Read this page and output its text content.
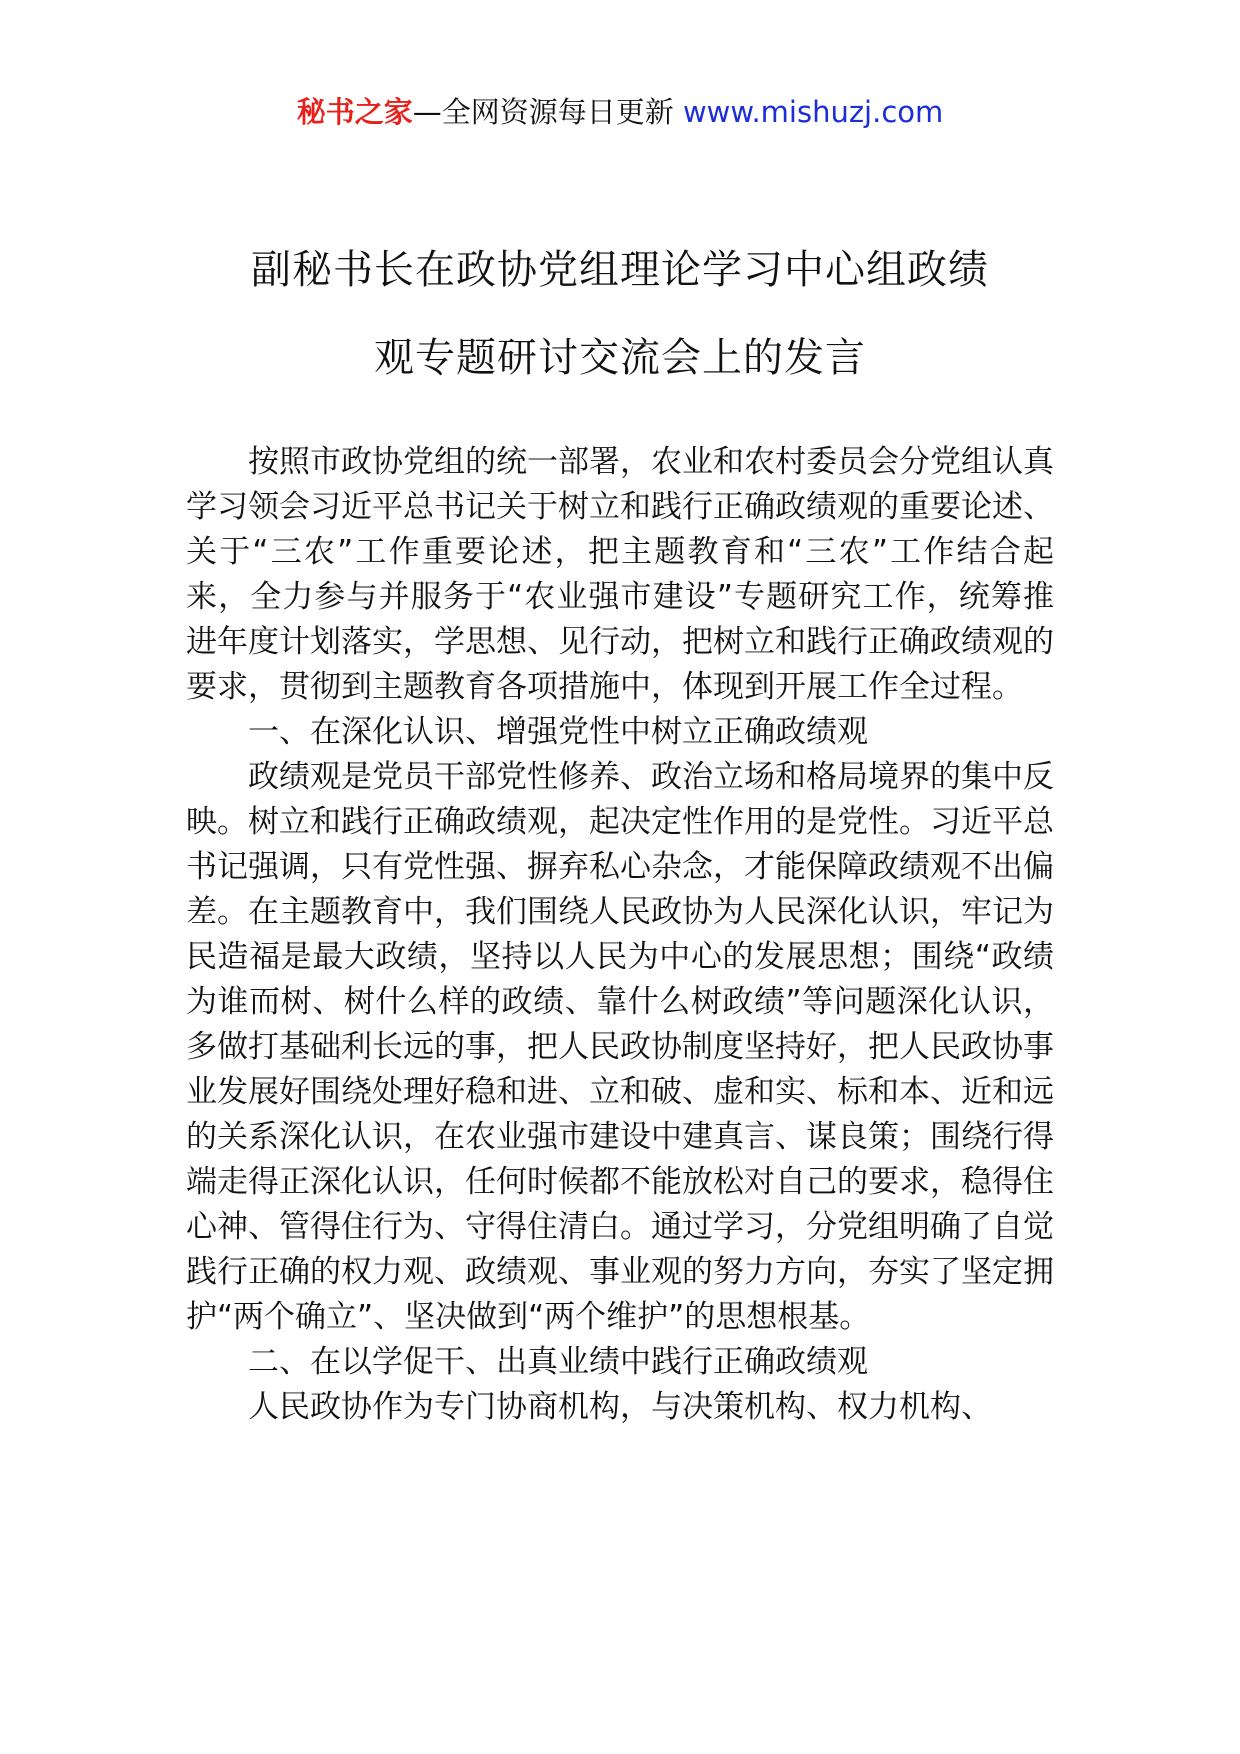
秘书之家—全网资源每日更新 www.mishuzj.com
副秘书长在政协党组理论学习中心组政绩
观专题研讨交流会上的发言

按照市政协党组的统一部署，农业和农村委员会分党组认真学习领会习近平总书记关于树立和践行正确政绩观的重要论述、关于“三农”工作重要论述，把主题教育和“三农”工作结合起来，全力参与并服务于“农业强市建设”专题研究工作，统筹推进年度计划落实，学思想、见行动，把树立和践行正确政绩观的要求，贯彻到主题教育各项措施中，体现到开展工作全过程。

一、在深化认识、增强党性中树立正确政绩观

政绩观是党员干部党性修养、政治立场和格局境界的集中反映。树立和践行正确政绩观，起决定性作用的是党性。习近平总书记强调，只有党性强、摒弃私心杂念，才能保障政绩观不出偏差。在主题教育中，我们围绕人民政协为人民深化认识，牢记为民造福是最大政绩，坚持以人民为中心的发展思想；围绕“政绩为谁而树、树什么样的政绩、靠什么树政绩”等问题深化认识，多做打基础利长远的事，把人民政协制度坚持好，把人民政协事业发展好围绕处理好稳和进、立和破、虚和实、标和本、近和远的关系深化认识，在农业强市建设中建真言、谋良策；围绕行得端走得正深化认识，任何时候都不能放松对自己的要求，稳得住心神、管得住行为、守得住清白。通过学习，分党组明确了自觉践行正确的权力观、政绩观、事业观的努力方向，夯实了坚定拥护“两个确立”、坚决做到“两个维护”的思想根基。

二、在以学促干、出真业绩中践行正确政绩观

人民政协作为专门协商机构，与决策机构、权力机构、
